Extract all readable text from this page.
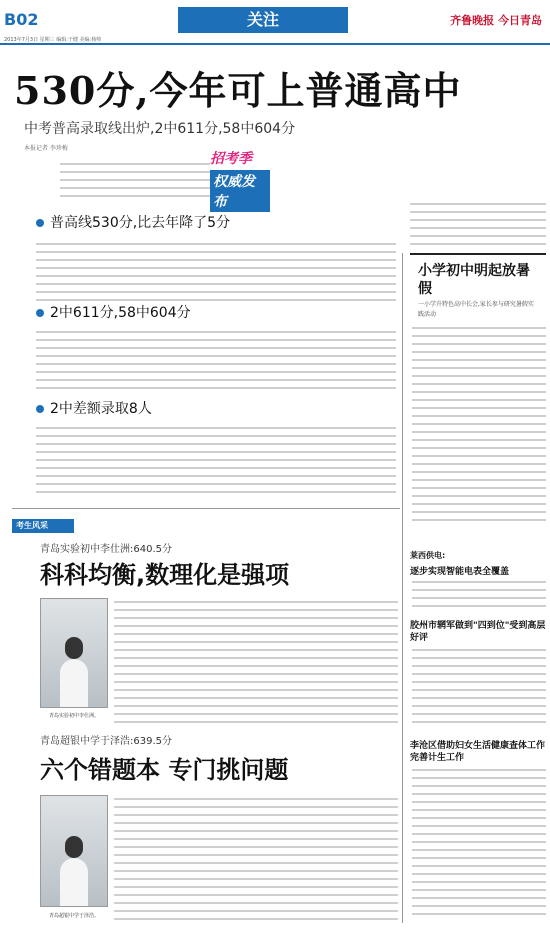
B02	关注	齐鲁晚报 今日青岛
2013年7月3日 星期三 编辑:于健 美编:杨帅
530分,今年可上普通高中
中考普高录取线出炉,2中611分,58中604分
本报记者 李珍梅
招考季
权威发布
普高线530分,比去年降了5分
2中611分,58中604分
2中差额录取8人
小学初中明起放暑假
一小学升特色高中长会,家长参与研究暑假实践活动
莱西供电:
逐步实现智能电表全覆盖
胶州市辋军做到"四到位"受到高层好评
李沧区借助妇女生活健康查体工作完善计生工作
考生风采
青岛实验初中李仕洲:640.5分
科科均衡,数理化是强项
青岛实验初中李仕洲。
青岛超银中学于泽浩:639.5分
六个错题本 专门挑问题
青岛超银中学于泽浩。
